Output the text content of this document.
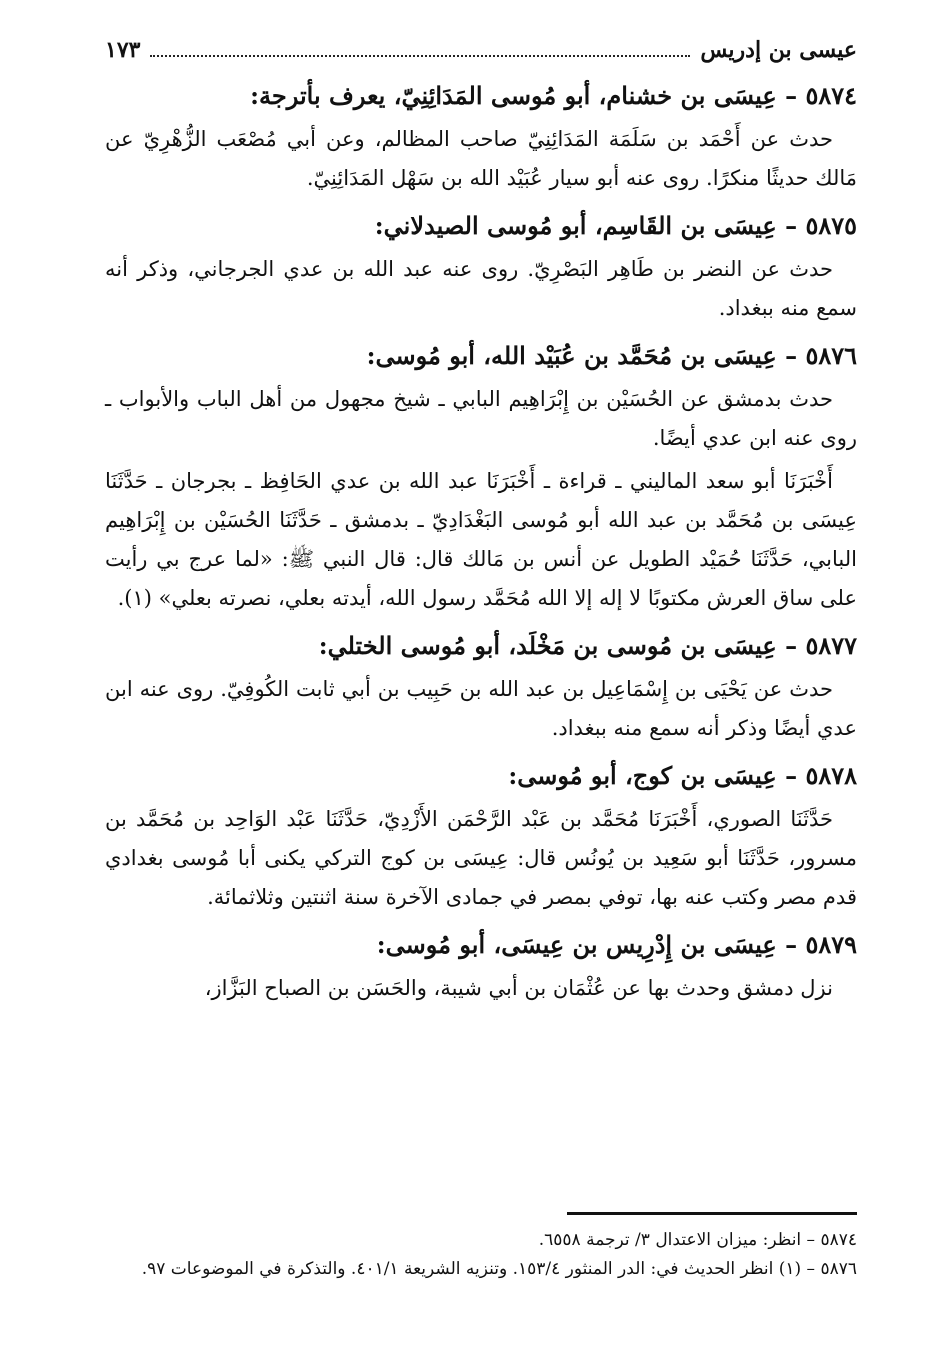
عيسى بن إدريس
١٧٣

٥٨٧٤ – عِيسَى بن خشنام، أبو مُوسى المَدَائِنِيّ، يعرف بأترجة:

حدث عن أَحْمَد بن سَلَمَة المَدَائِنِيّ صاحب المظالم، وعن أبي مُصْعَب الزُّهْرِيّ عن مَالك حديثًا منكرًا. روى عنه أبو سيار عُبَيْد الله بن سَهْل المَدَائِنِيّ.

٥٨٧٥ – عِيسَى بن القَاسِم، أبو مُوسى الصيدلاني:

حدث عن النضر بن طَاهِر البَصْرِيّ. روى عنه عبد الله بن عدي الجرجاني، وذكر أنه سمع منه ببغداد.

٥٨٧٦ – عِيسَى بن مُحَمَّد بن عُبَيْد الله، أبو مُوسى:

حدث بدمشق عن الحُسَيْن بن إِبْرَاهِيم البابي ـ شيخ مجهول من أهل الباب والأبواب ـ روى عنه ابن عدي أيضًا.

أَخْبَرَنَا أبو سعد الماليني ـ قراءة ـ أَخْبَرَنَا عبد الله بن عدي الحَافِظ ـ بجرجان ـ حَدَّثَنَا عِيسَى بن مُحَمَّد بن عبد الله أبو مُوسى البَغْدَادِيّ ـ بدمشق ـ حَدَّثَنَا الحُسَيْن بن إِبْرَاهِيم البابي، حَدَّثَنَا حُمَيْد الطويل عن أنس بن مَالك قال: قال النبي ﷺ: «لما عرج بي رأيت على ساق العرش مكتوبًا لا إله إلا الله مُحَمَّد رسول الله، أيدته بعلي، نصرته بعلي» (١).

٥٨٧٧ – عِيسَى بن مُوسى بن مَخْلَد، أبو مُوسى الختلي:

حدث عن يَحْيَى بن إِسْمَاعِيل بن عبد الله بن حَبِيب بن أبي ثابت الكُوفِيّ. روى عنه ابن عدي أيضًا وذكر أنه سمع منه ببغداد.

٥٨٧٨ – عِيسَى بن كوج، أبو مُوسى:

حَدَّثَنَا الصوري، أَخْبَرَنَا مُحَمَّد بن عَبْد الرَّحْمَن الأَزْدِيّ، حَدَّثَنَا عَبْد الوَاحِد بن مُحَمَّد بن مسرور، حَدَّثَنَا أبو سَعِيد بن يُونُس قال: عِيسَى بن كوج التركي يكنى أبا مُوسى بغدادي قدم مصر وكتب عنه بها، توفي بمصر في جمادى الآخرة سنة اثنتين وثلاثمائة.

٥٨٧٩ – عِيسَى بن إِدْرِيس بن عِيسَى، أبو مُوسى:

نزل دمشق وحدث بها عن عُثْمَان بن أبي شيبة، والحَسَن بن الصباح البَزَّاز،

٥٨٧٤ – انظر: ميزان الاعتدال ٣/ ترجمة ٦٥٥٨.

٥٨٧٦ – (١) انظر الحديث في: الدر المنثور ١٥٣/٤. وتنزيه الشريعة ٤٠١/١. والتذكرة في الموضوعات ٩٧.
